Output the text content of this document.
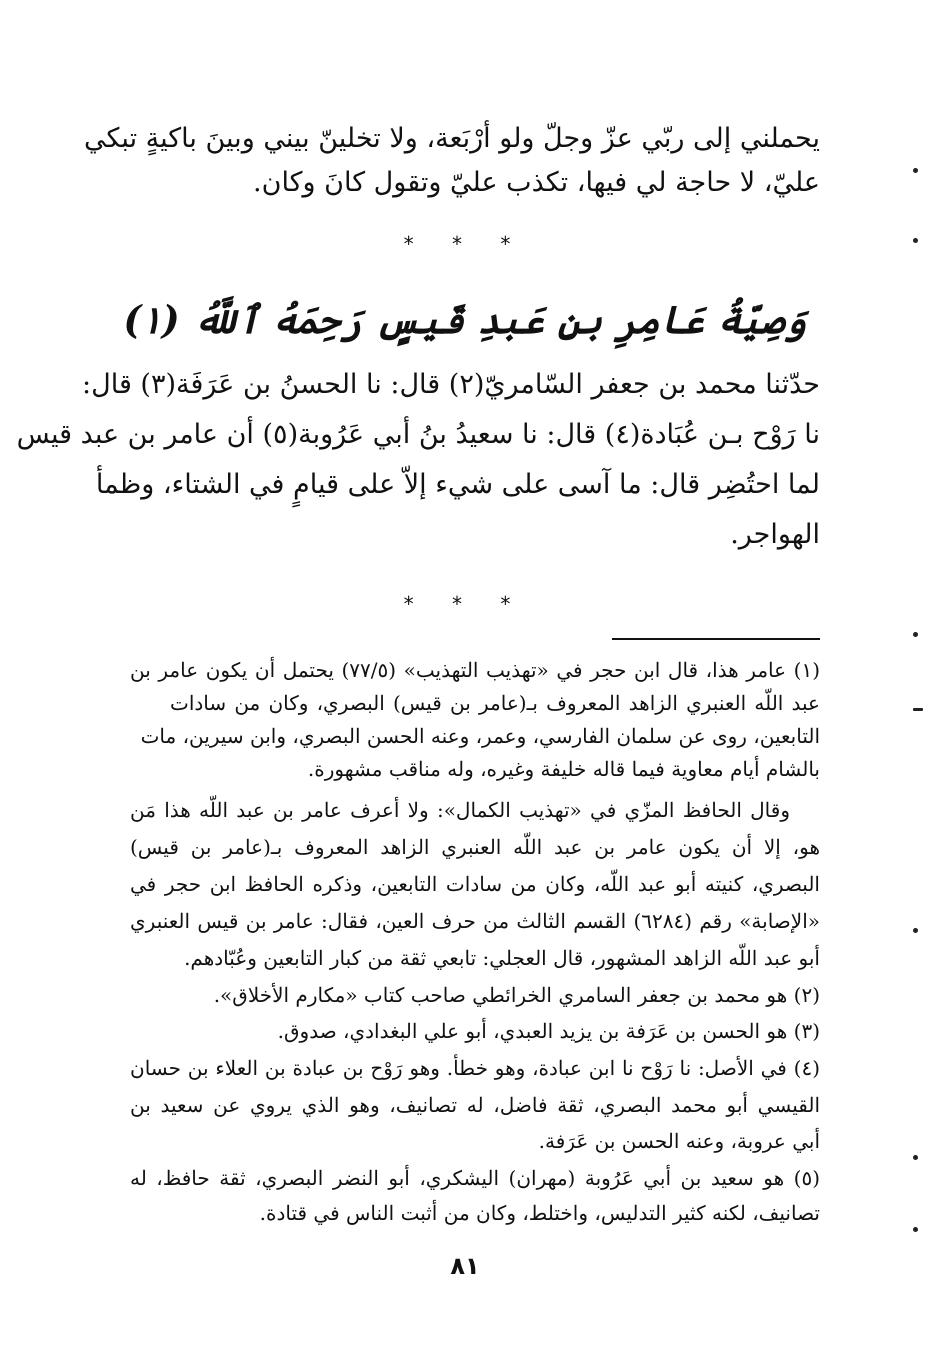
يحملني إلى ربّي عزّ وجلّ ولو أرْبَعة، ولا تخلينّ بيني وبينَ باكيةٍ تبكي
عليّ، لا حاجة لي فيها، تكذب عليّ وتقول كانَ وكان.
* * *
وَصِيّةُ عَامِرِ بنِ عَبدِ قَيسٍ رَحِمَهُ ٱللَّهُ (١)
حدّثنا محمد بن جعفر السّامريّ(٢) قال: نا الحسنُ بن عَرَفَة(٣) قال:
نا رَوْح بـن عُبَادة(٤) قال: نا سعيدُ بنُ أبي عَرُوبة(٥) أن عامر بن عبد قيس
لما احتُضِر قال: ما آسى على شيء إلاّ على قيامٍ في الشتاء، وظمأ
الهواجر.
* * *
(١) عامر هذا، قال ابن حجر في «تهذيب التهذيب» (٧٧/٥) يحتمل أن يكون عامر بن
عبد اللّه العنبري الزاهد المعروف بـ(عامر بن قيس) البصري، وكان من سادات
التابعين، روى عن سلمان الفارسي، وعمر، وعنه الحسن البصري، وابن سيرين، مات
بالشام أيام معاوية فيما قاله خليفة وغيره، وله مناقب مشهورة.
وقال الحافظ المزّي في «تهذيب الكمال»: ولا أعرف عامر بن عبد اللّه هذا مَن
هو، إلا أن يكون عامر بن عبد اللّه العنبري الزاهد المعروف بـ(عامر بن قيس)
البصري، كنيته أبو عبد اللّه، وكان من سادات التابعين، وذكره الحافظ ابن حجر في
«الإصابة» رقم (٦٢٨٤) القسم الثالث من حرف العين، فقال: عامر بن قيس العنبري
أبو عبد اللّه الزاهد المشهور، قال العجلي: تابعي ثقة من كبار التابعين وعُبّادهم.
(٢) هو محمد بن جعفر السامري الخرائطي صاحب كتاب «مكارم الأخلاق».
(٣) هو الحسن بن عَرَفة بن يزيد العبدي، أبو علي البغدادي، صدوق.
(٤) في الأصل: نا رَوْح نا ابن عبادة، وهو خطأ. وهو رَوْح بن عبادة بن العلاء بن حسان
القيسي أبو محمد البصري، ثقة فاضل، له تصانيف، وهو الذي يروي عن سعيد بن
أبي عروبة، وعنه الحسن بن عَرَفة.
(٥) هو سعيد بن أبي عَرُوبة (مهران) اليشكري، أبو النضر البصري، ثقة حافظ، له
تصانيف، لكنه كثير التدليس، واختلط، وكان من أثبت الناس في قتادة.
٨١
